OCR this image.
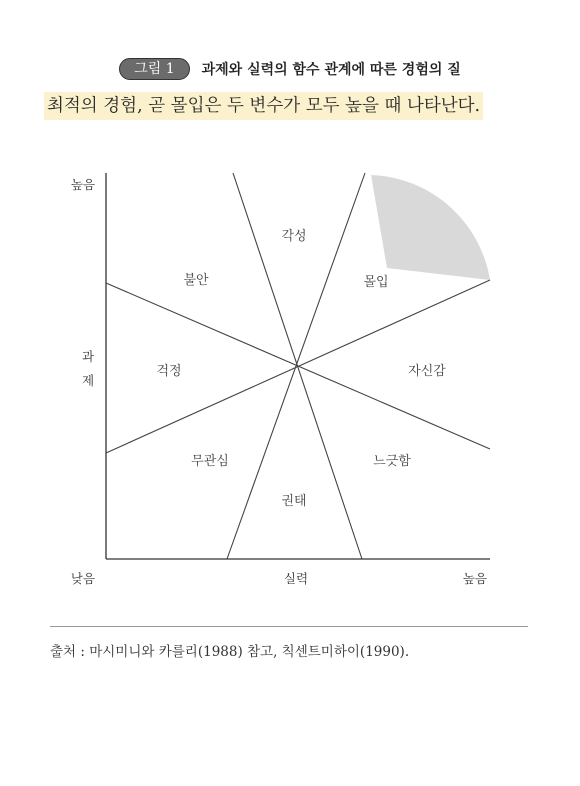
그림 1	과제와 실력의 함수 관계에 따른 경험의 질
최적의 경험, 곧 몰입은 두 변수가 모두 높을 때 나타난다.
각성
몰입
불안
걱정	자신감
무관심	느긋함
권태
높음
과
제
낮음	실력	높음
출처 : 마시미니와 카를리(1988) 참고, 칙센트미하이(1990).
